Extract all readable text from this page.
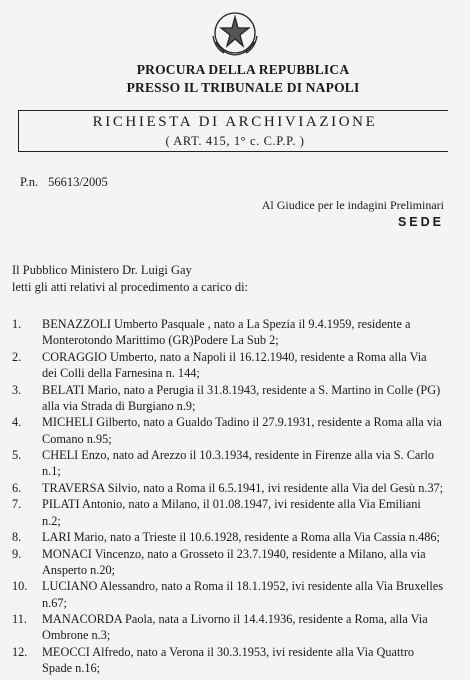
PROCURA DELLA REPUBBLICA
PRESSO IL TRIBUNALE DI NAPOLI
RICHIESTA DI ARCHIVIAZIONE
( ART. 415, 1° c. C.P.P. )
P.n. 56613/2005
Al Giudice per le indagini Preliminari
SEDE
Il Pubblico Ministero Dr. Luigi Gay
letti gli atti relativi al procedimento a carico di:
1.	BENAZZOLI Umberto Pasquale , nato a La Spezia il 9.4.1959, residente a
Monterotondo Marittimo (GR)Podere La Sub 2;
2.	CORAGGIO Umberto, nato a Napoli il 16.12.1940, residente a Roma alla Via
dei Colli della Farnesina n. 144;
3.	BELATI Mario, nato a Perugia il 31.8.1943, residente a S. Martino in Colle (PG)
alla via Strada di Burgiano n.9;
4.	MICHELI Gilberto, nato a Gualdo Tadino il 27.9.1931, residente a Roma alla via
Comano n.95;
5.	CHELI Enzo, nato ad Arezzo il 10.3.1934, residente in Firenze alla via S. Carlo
n.1;
6.	TRAVERSA Silvio, nato a Roma il 6.5.1941, ivi residente alla Via del Gesù n.37;
7.	PILATI Antonio, nato a Milano, il 01.08.1947, ivi residente alla Via Emiliani
n.2;
8.	LARI Mario, nato a Trieste il 10.6.1928, residente a Roma alla Via Cassia n.486;
9.	MONACI Vincenzo, nato a Grosseto il 23.7.1940, residente a Milano, alla via
Ansperto n.20;
10.	LUCIANO Alessandro, nato a Roma il 18.1.1952, ivi residente alla Via Bruxelles
n.67;
11.	MANACORDA Paola, nata a Livorno il 14.4.1936, residente a Roma, alla Via
Ombrone n.3;
12.	MEOCCI Alfredo, nato a Verona il 30.3.1953, ivi residente alla Via Quattro
Spade n.16;
